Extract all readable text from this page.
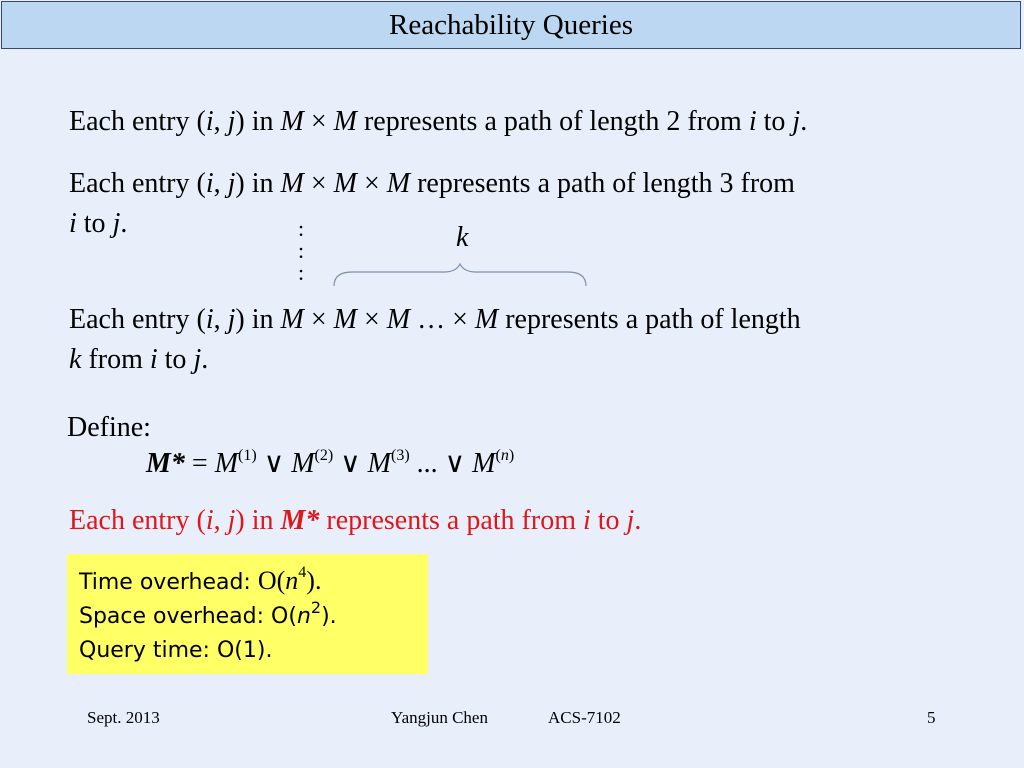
Reachability Queries
Each entry (i, j) in M × M represents a path of length 2 from i to j.
Each entry (i, j) in M × M × M represents a path of length 3 from
i to j.	:
:
:
k
Each entry (i, j) in M × M × M … × M represents a path of length
k from i to j.
Define:
$M* = M^{(1)}$ ∨ $M^{(2)}$ ∨ $M^{(3)}$ ... ∨ $M^{(n)}$
Each entry (i, j) in M* represents a path from i to j.
Time overhead: $O(n^4)$.
Space overhead: $O(n^2)$.
Query time: O(1).
Sept. 2013	Yangjun Chen	ACS-7102	5
